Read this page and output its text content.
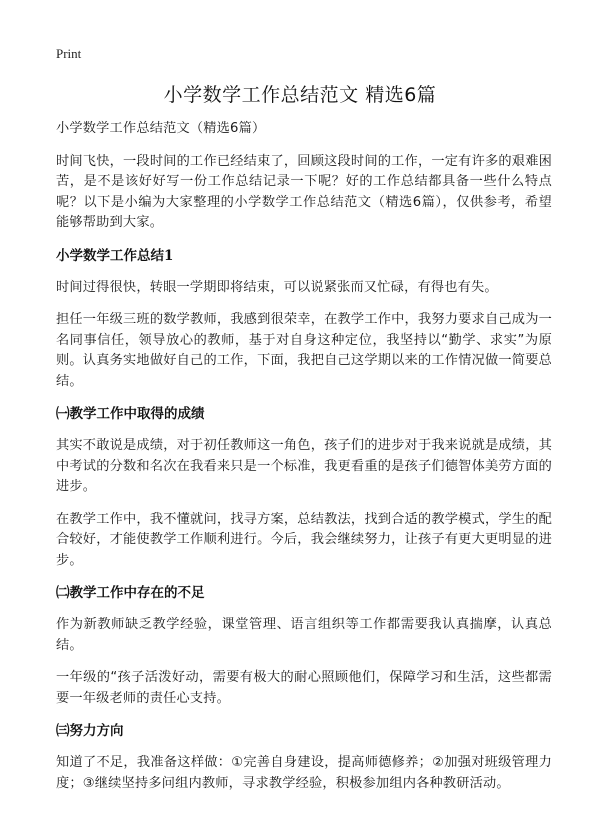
Print
小学数学工作总结范文 精选6篇

小学数学工作总结范文（精选6篇）

时间飞快，一段时间的工作已经结束了，回顾这段时间的工作，一定有许多的艰难困苦，是不是该好好写一份工作总结记录一下呢？好的工作总结都具备一些什么特点呢？以下是小编为大家整理的小学数学工作总结范文（精选6篇），仅供参考，希望能够帮助到大家。

小学数学工作总结1

时间过得很快，转眼一学期即将结束，可以说紧张而又忙碌，有得也有失。

担任一年级三班的数学教师，我感到很荣幸，在教学工作中，我努力要求自己成为一名同事信任，领导放心的教师，基于对自身这种定位，我坚持以“勤学、求实”为原则。认真务实地做好自己的工作，下面，我把自己这学期以来的工作情况做一简要总结。

㈠教学工作中取得的成绩

其实不敢说是成绩，对于初任教师这一角色，孩子们的进步对于我来说就是成绩，其中考试的分数和名次在我看来只是一个标准，我更看重的是孩子们德智体美劳方面的进步。

在教学工作中，我不懂就问，找寻方案，总结教法，找到合适的教学模式，学生的配合较好，才能使教学工作顺利进行。今后，我会继续努力，让孩子有更大更明显的进步。

㈡教学工作中存在的不足

作为新教师缺乏教学经验，课堂管理、语言组织等工作都需要我认真揣摩，认真总结。

一年级的“孩子活泼好动，需要有极大的耐心照顾他们，保障学习和生活，这些都需要一年级老师的责任心支持。

㈢努力方向

知道了不足，我准备这样做：①完善自身建设，提高师德修养；②加强对班级管理力度；③继续坚持多问组内教师，寻求教学经验，积极参加组内各种教研活动。
